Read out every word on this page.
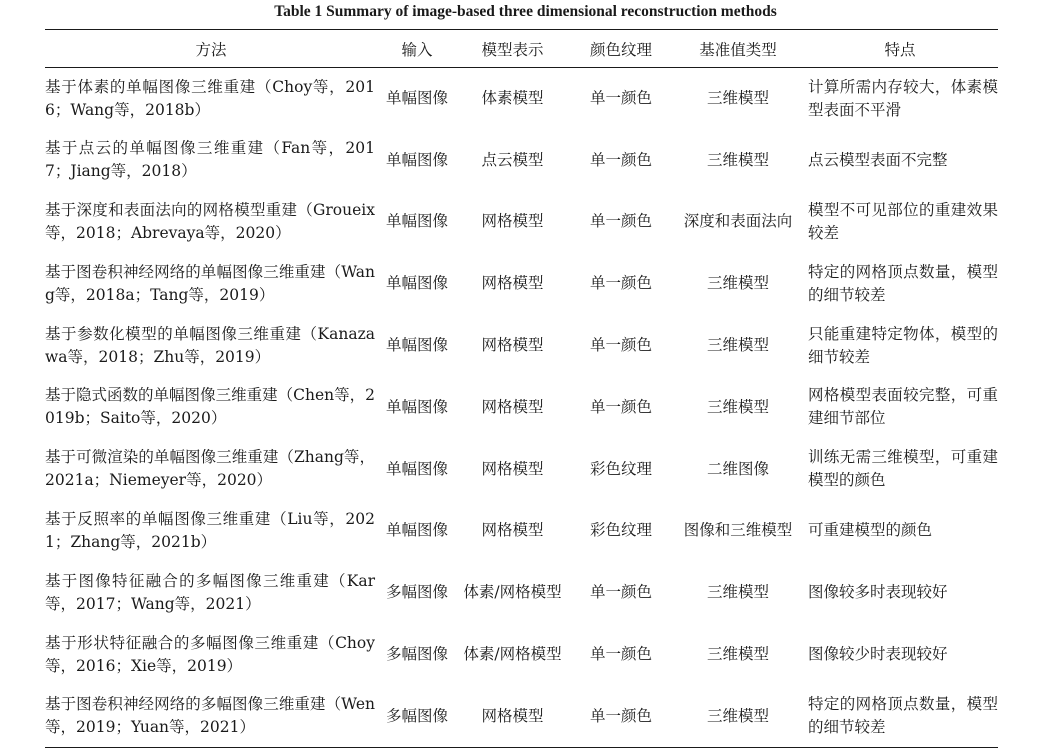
Table 1 Summary of image-based three dimensional reconstruction methods
方法	输入	模型表示	颜色纹理	基准值类型	特点
基于体素的单幅图像三维重建（Choy等，2016；Wang等，2018b）	单幅图像	体素模型	单一颜色	三维模型	计算所需内存较大，体素模型表面不平滑
基于点云的单幅图像三维重建（Fan等，2017；Jiang等，2018）	单幅图像	点云模型	单一颜色	三维模型	点云模型表面不完整
基于深度和表面法向的网格模型重建（Groueix等，2018；Abrevaya等，2020）	单幅图像	网格模型	单一颜色	深度和表面法向	模型不可见部位的重建效果较差
基于图卷积神经网络的单幅图像三维重建（Wang等，2018a；Tang等，2019）	单幅图像	网格模型	单一颜色	三维模型	特定的网格顶点数量，模型的细节较差
基于参数化模型的单幅图像三维重建（Kanazawa等，2018；Zhu等，2019）	单幅图像	网格模型	单一颜色	三维模型	只能重建特定物体，模型的细节较差
基于隐式函数的单幅图像三维重建（Chen等，2019b；Saito等，2020）	单幅图像	网格模型	单一颜色	三维模型	网格模型表面较完整，可重建细节部位
基于可微渲染的单幅图像三维重建（Zhang等，2021a；Niemeyer等，2020）	单幅图像	网格模型	彩色纹理	二维图像	训练无需三维模型，可重建模型的颜色
基于反照率的单幅图像三维重建（Liu等，2021；Zhang等，2021b）	单幅图像	网格模型	彩色纹理	图像和三维模型	可重建模型的颜色
基于图像特征融合的多幅图像三维重建（Kar等，2017；Wang等，2021）	多幅图像	体素/网格模型	单一颜色	三维模型	图像较多时表现较好
基于形状特征融合的多幅图像三维重建（Choy等，2016；Xie等，2019）	多幅图像	体素/网格模型	单一颜色	三维模型	图像较少时表现较好
基于图卷积神经网络的多幅图像三维重建（Wen等，2019；Yuan等，2021）	多幅图像	网格模型	单一颜色	三维模型	特定的网格顶点数量，模型的细节较差
